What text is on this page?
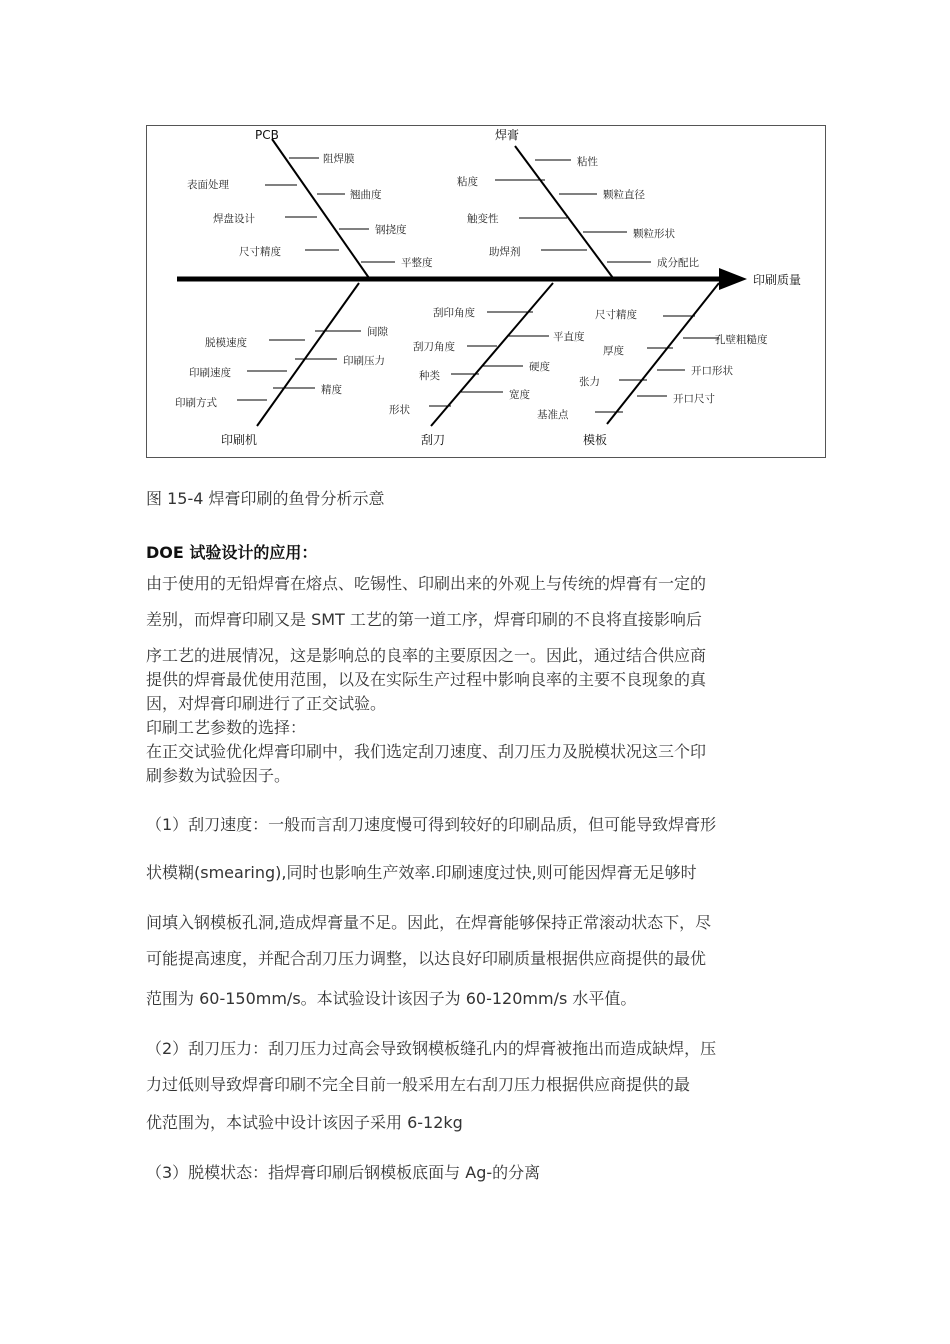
印刷质量
PCB
阻焊膜
表面处理
翘曲度
焊盘设计
钢挠度
尺寸精度
平整度
焊膏
粘性
粘度
颗粒直径
触变性
颗粒形状
助焊剂
成分配比
印刷机
间隙
脱模速度
印刷压力
印刷速度
精度
印刷方式
刮刀
刮印角度
平直度
刮刀角度
硬度
种类
宽度
形状
模板
尺寸精度
孔壁粗糙度
厚度
开口形状
张力
开口尺寸
基准点
图 15-4 焊膏印刷的鱼骨分析示意
DOE 试验设计的应用：
由于使用的无铅焊膏在熔点、吃锡性、印刷出来的外观上与传统的焊膏有一定的
差别，而焊膏印刷又是 SMT 工艺的第一道工序，焊膏印刷的不良将直接影响后
序工艺的进展情况，这是影响总的良率的主要原因之一。因此，通过结合供应商
提供的焊膏最优使用范围，以及在实际生产过程中影响良率的主要不良现象的真
因，对焊膏印刷进行了正交试验。
印刷工艺参数的选择：
在正交试验优化焊膏印刷中，我们选定刮刀速度、刮刀压力及脱模状况这三个印
刷参数为试验因子。
（1）刮刀速度：一般而言刮刀速度慢可得到较好的印刷品质，但可能导致焊膏形
状模糊(smearing),同时也影响生产效率.印刷速度过快,则可能因焊膏无足够时
间填入钢模板孔洞,造成焊膏量不足。因此，在焊膏能够保持正常滚动状态下，尽
可能提高速度，并配合刮刀压力调整，以达良好印刷质量根据供应商提供的最优
范围为 60-150mm/s。本试验设计该因子为 60-120mm/s 水平值。
（2）刮刀压力：刮刀压力过高会导致钢模板缝孔内的焊膏被拖出而造成缺焊，压
力过低则导致焊膏印刷不完全目前一般采用左右刮刀压力根据供应商提供的最
优范围为，本试验中设计该因子采用 6-12kg
（3）脱模状态：指焊膏印刷后钢模板底面与 Ag-的分离
